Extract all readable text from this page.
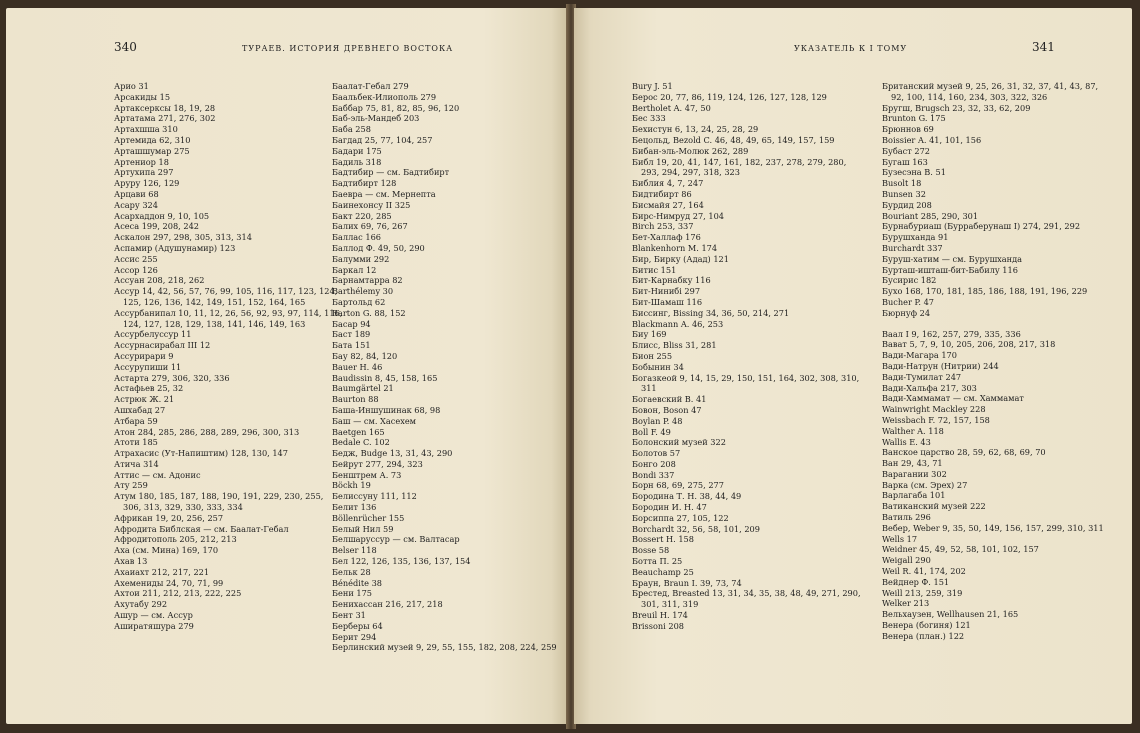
340	ТУРАЕВ. ИСТОРИЯ ДРЕВНЕГО ВОСТОКА
Арио 31
Арсакиды 15
Артаксерксы 18, 19, 28
Артатама 271, 276, 302
Артахшша 310
Артемида 62, 310
Арташшумар 275
Артениор 18
Артухипа 297
Аруру 126, 129
Арцави 68
Асару 324
Асархаддон 9, 10, 105
Асеса 199, 208, 242
Аскалон 297, 298, 305, 313, 314
Аспамир (Адушунамир) 123
Ассис 255
Ассор 126
Ассуан 208, 218, 262
Ассур 14, 42, 56, 57, 76, 99, 105, 116, 117, 123, 124, 125, 126, 136, 142, 149, 151, 152, 164, 165
Ассурбанипал 10, 11, 12, 26, 56, 92, 93, 97, 114, 116, 124, 127, 128, 129, 138, 141, 146, 149, 163
Ассурбелуссур 11
Ассурнасирабал III 12
Ассурирари 9
Ассурупиши 11
Астарта 279, 306, 320, 336
Астафьев 25, 32
Астрюк Ж. 21
Ашхабад 27
Атбара 59
Атон 284, 285, 286, 288, 289, 296, 300, 313
Атоти 185
Атрахасис (Ут-Напиштим) 128, 130, 147
Атича 314
Аттис — см. Адонис
Ату 259
Атум 180, 185, 187, 188, 190, 191, 229, 230, 255, 306, 313, 329, 330, 333, 334
Африкан 19, 20, 256, 257
Афродита Библская — см. Баалат-Гебал
Афродитополь 205, 212, 213
Аха (см. Мина) 169, 170
Ахав 13
Ахаиахт 212, 217, 221
Ахемениды 24, 70, 71, 99
Ахтои 211, 212, 213, 222, 225
Ахутабу 292
Ашур — см. Ассур
Аширатяшура 279
Баалат-Гебал 279
Баальбек-Илиополь 279
Баббар 75, 81, 82, 85, 96, 120
Баб-эль-Мандеб 203
Баба 258
Багдад 25, 77, 104, 257
Бадари 175
Бадиль 318
Бадтибир — см. Бадтибирт
Бадтибирт 128
Баевра — см. Мернепта
Баинехонсу II 325
Бакт 220, 285
Балих 69, 76, 267
Баллас 166
Баллод Ф. 49, 50, 290
Балумми 292
Баркал 12
Барнамтарра 82
Barthélemy 30
Бартольд 62
Barton G. 88, 152
Басар 94
Баст 189
Бата 151
Бау 82, 84, 120
Bauer H. 46
Baudissin 8, 45, 158, 165
Baumgärtel 21
Baurton 88
Баша-Иншушинак 68, 98
Баш — см. Хасехем
Baetgen 165
Bedale C. 102
Бедж, Budge 13, 31, 43, 290
Бейрут 277, 294, 323
Бенштрем А. 73
Böckh 19
Белиссуну 111, 112
Белит 136
Böllenrücher 155
Белый Нил 59
Белшаруссур — см. Валтасар
Belser 118
Бел 122, 126, 135, 136, 137, 154
Бельк 28
Bénédite 38
Бени 175
Бенихассан 216, 217, 218
Бент 31
Берберы 64
Берит 294
Берлинский музей 9, 29, 55, 155, 182, 208, 224, 259
УКАЗАТЕЛЬ К I ТОМУ	341
Bury J. 51
Берос 20, 77, 86, 119, 124, 126, 127, 128, 129
Bertholet A. 47, 50
Бес 333
Бехистун 6, 13, 24, 25, 28, 29
Бецольд, Bezold C. 46, 48, 49, 65, 149, 157, 159
Бибан-эль-Молюк 262, 289
Библ 19, 20, 41, 147, 161, 182, 237, 278, 279, 280, 293, 294, 297, 318, 323
Библия 4, 7, 247
Бидтибирт 86
Бисмайя 27, 164
Бирс-Нимруд 27, 104
Birch 253, 337
Бет-Халлаф 176
Blankenhorn M. 174
Бир, Бирку (Адад) 121
Битис 151
Бит-Карнабку 116
Бит-Нинибі 297
Бит-Шамаш 116
Биссинг, Bissing 34, 36, 50, 214, 271
Blackmann A. 46, 253
Биу 169
Блисс, Bliss 31, 281
Бион 255
Бобынин 34
Богазкеой 9, 14, 15, 29, 150, 151, 164, 302, 308, 310, 311
Богаевский В. 41
Бовон, Boson 47
Boylan P. 48
Boll F. 49
Болонский музей 322
Болотов 57
Бонго 208
Bondi 337
Борн 68, 69, 275, 277
Бородина Т. Н. 38, 44, 49
Бородин И. Н. 47
Борсиппа 27, 105, 122
Borchardt 32, 56, 58, 101, 209
Bossert H. 158
Bosse 58
Ботта П. 25
Beauchamp 25
Браун, Braun I. 39, 73, 74
Брестед, Breasted 13, 31, 34, 35, 38, 48, 49, 271, 290, 301, 311, 319
Breuil H. 174
Brissoni 208
Британский музей 9, 25, 26, 31, 32, 37, 41, 43, 87, 92, 100, 114, 160, 234, 303, 322, 326
Бругш, Brugsch 23, 32, 33, 62, 209
Brunton G. 175
Брюннов 69
Boissier A. 41, 101, 156
Бубаст 272
Бугаш 163
Бузесэна В. 51
Busolt 18
Bunsen 32
Бурдид 208
Bouriant 285, 290, 301
Бурнабуриаш (Бурраберунаш I) 274, 291, 292
Бурушханда 91
Burchardt 337
Буруш-хатим — см. Бурушханда
Бурташ-ишташ-бит-Бабилу 116
Бусирис 182
Бухо 168, 170, 181, 185, 186, 188, 191, 196, 229
Bucher P. 47
Бюрнуф 24
Ваал I 9, 162, 257, 279, 335, 336
Вават 5, 7, 9, 10, 205, 206, 208, 217, 318
Вади-Магара 170
Вади-Натрун (Нитрии) 244
Вади-Тумилат 247
Вади-Хальфа 217, 303
Вади-Хаммамат — см. Хаммамат
Wainwright Mackley 228
Weissbach F. 72, 157, 158
Walther A. 118
Wallis E. 43
Ванское царство 28, 59, 62, 68, 69, 70
Ван 29, 43, 71
Варагании 302
Варка (см. Эрех) 27
Варлагаба 101
Ватиканский музей 222
Ватиль 296
Вебер, Weber 9, 35, 50, 149, 156, 157, 299, 310, 311
Wells 17
Weidner 45, 49, 52, 58, 101, 102, 157
Weigall 290
Weil R. 41, 174, 202
Вейднер Ф. 151
Weill 213, 259, 319
Welker 213
Вельхаузен, Wellhausen 21, 165
Венера (богиня) 121
Венера (план.) 122
